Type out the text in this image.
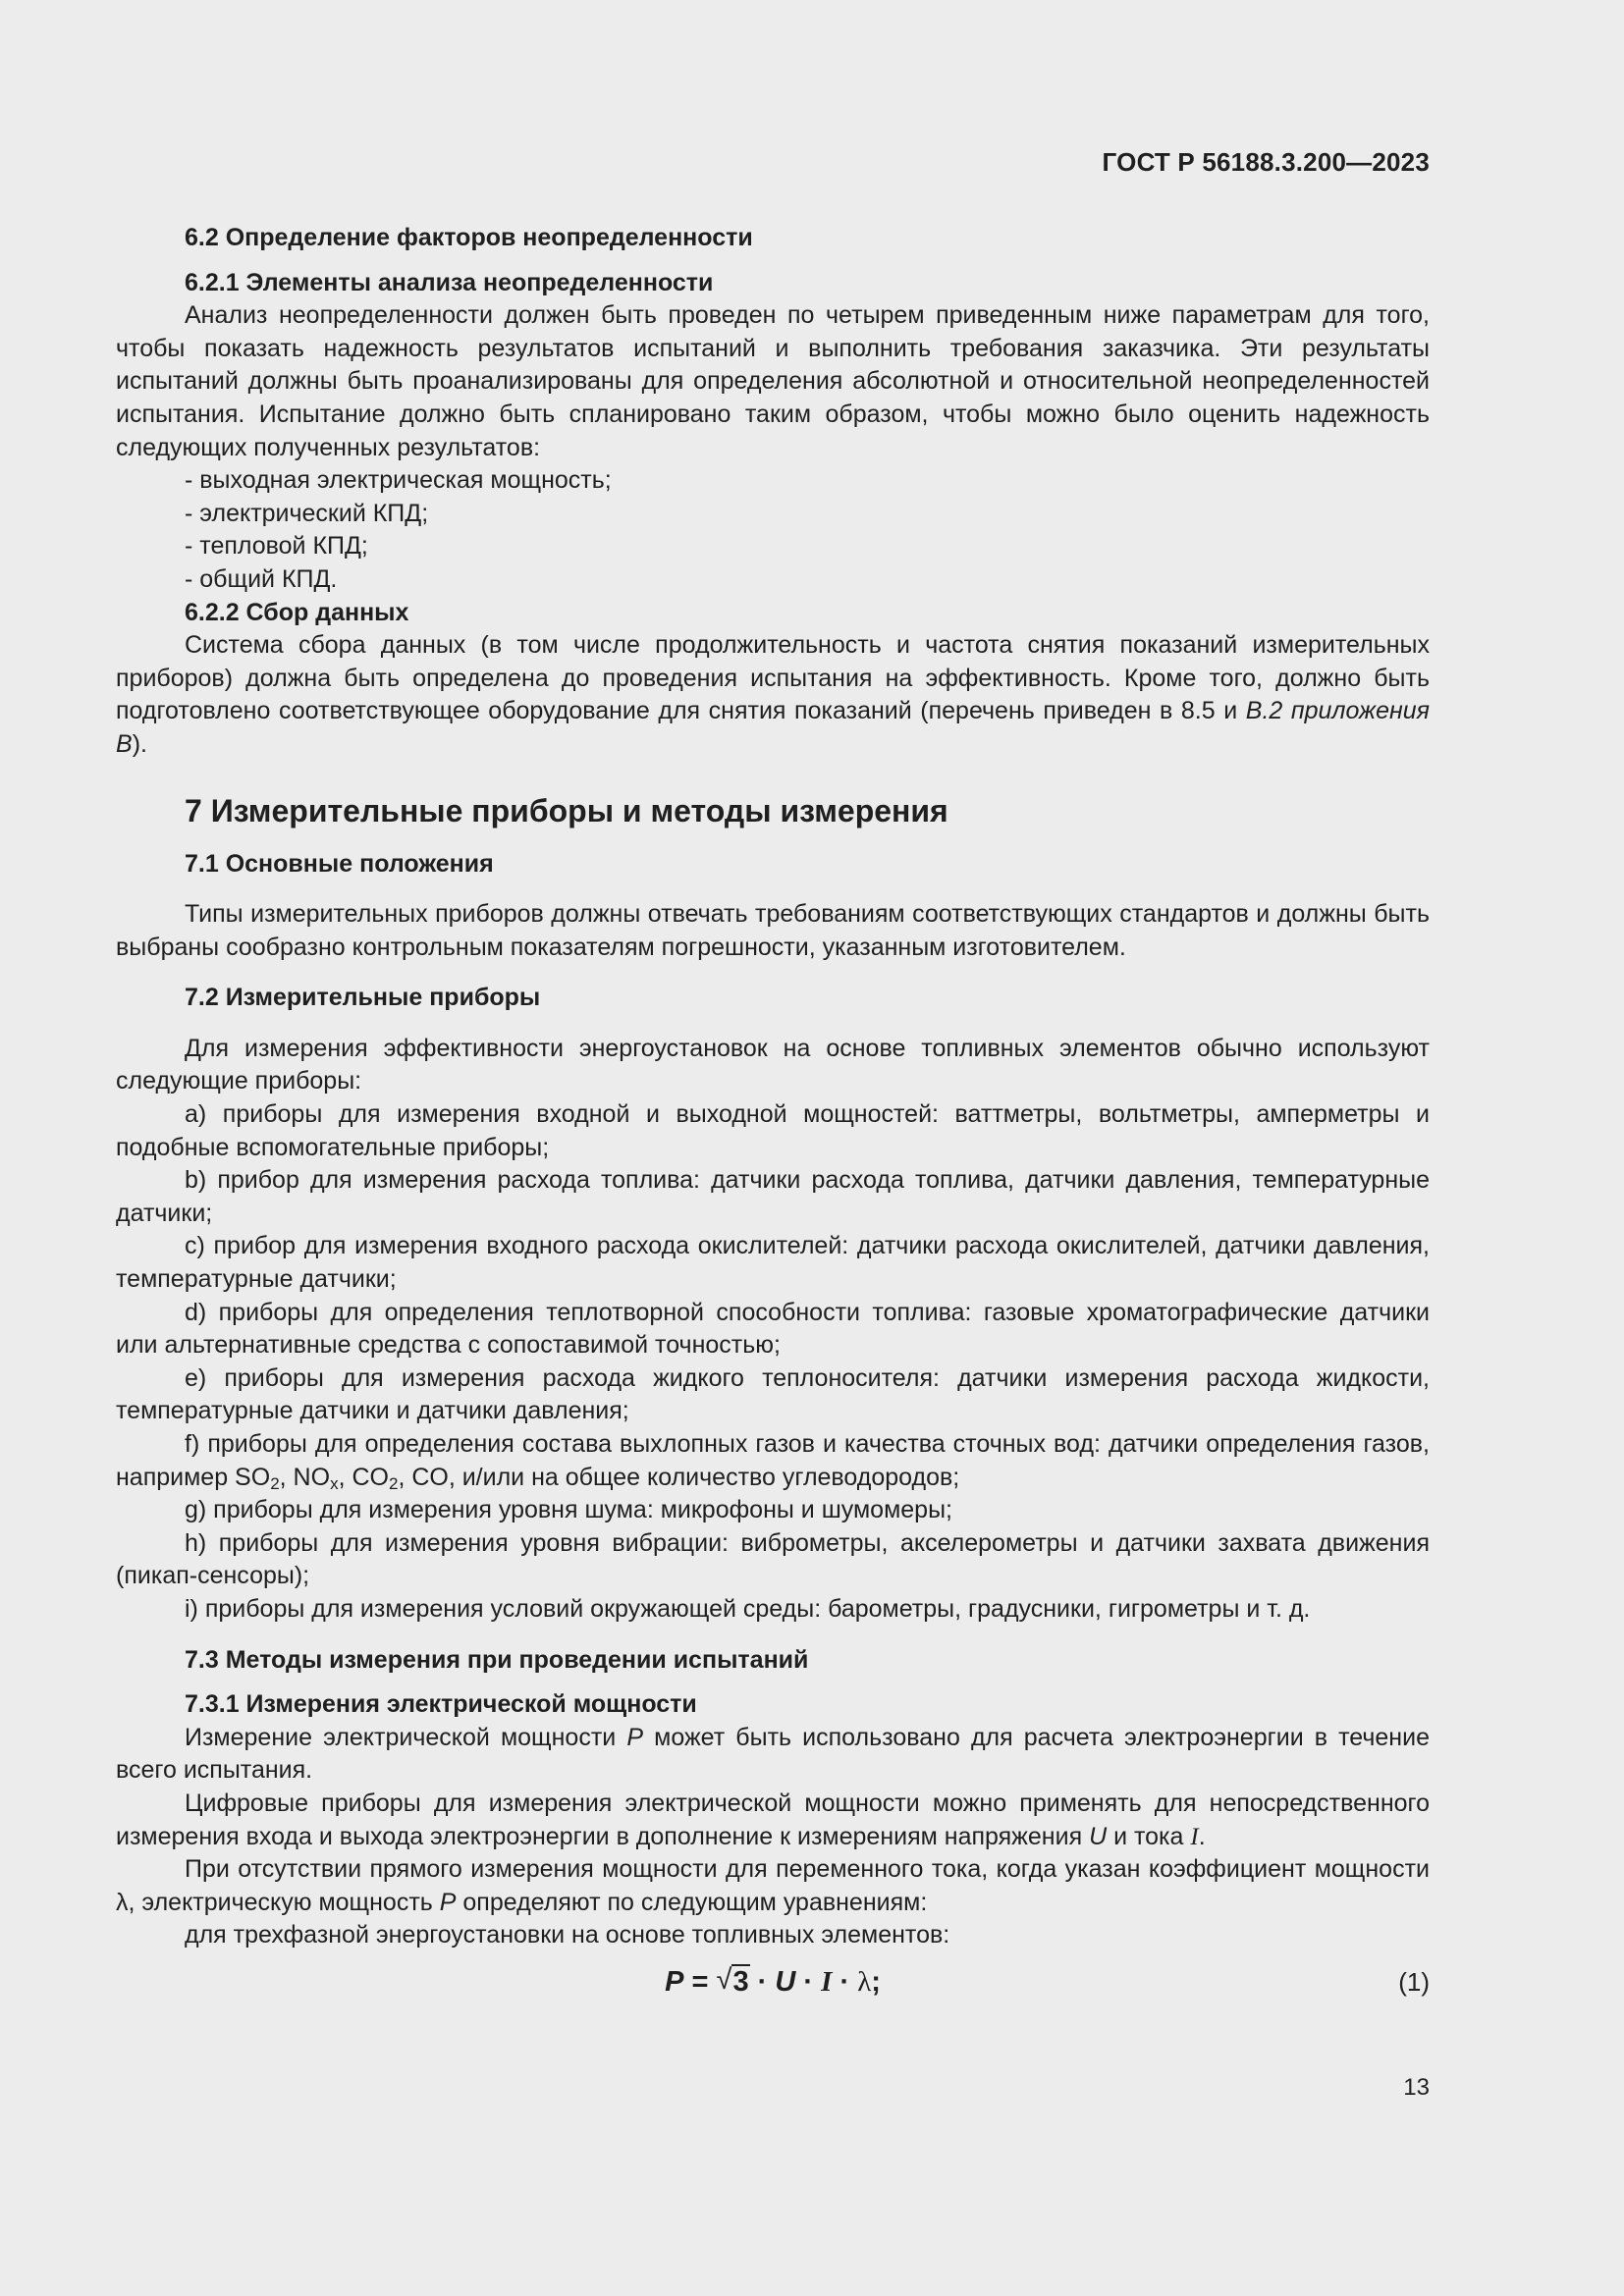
ГОСТ Р 56188.3.200—2023
6.2 Определение факторов неопределенности
6.2.1 Элементы анализа неопределенности
Анализ неопределенности должен быть проведен по четырем приведенным ниже параметрам для того, чтобы показать надежность результатов испытаний и выполнить требования заказчика. Эти результаты испытаний должны быть проанализированы для определения абсолютной и относительной неопределенностей испытания. Испытание должно быть спланировано таким образом, чтобы можно было оценить надежность следующих полученных результатов:
- выходная электрическая мощность;
- электрический КПД;
- тепловой КПД;
- общий КПД.
6.2.2 Сбор данных
Система сбора данных (в том числе продолжительность и частота снятия показаний измерительных приборов) должна быть определена до проведения испытания на эффективность. Кроме того, должно быть подготовлено соответствующее оборудование для снятия показаний (перечень приведен в 8.5 и В.2 приложения В).
7 Измерительные приборы и методы измерения
7.1 Основные положения
Типы измерительных приборов должны отвечать требованиям соответствующих стандартов и должны быть выбраны сообразно контрольным показателям погрешности, указанным изготовителем.
7.2 Измерительные приборы
Для измерения эффективности энергоустановок на основе топливных элементов обычно используют следующие приборы:
a) приборы для измерения входной и выходной мощностей: ваттметры, вольтметры, амперметры и подобные вспомогательные приборы;
b) прибор для измерения расхода топлива: датчики расхода топлива, датчики давления, температурные датчики;
c) прибор для измерения входного расхода окислителей: датчики расхода окислителей, датчики давления, температурные датчики;
d) приборы для определения теплотворной способности топлива: газовые хроматографические датчики или альтернативные средства с сопоставимой точностью;
e) приборы для измерения расхода жидкого теплоносителя: датчики измерения расхода жидкости, температурные датчики и датчики давления;
f) приборы для определения состава выхлопных газов и качества сточных вод: датчики определения газов, например $SO_2$, $NO_x$, $CO_2$, CO, и/или на общее количество углеводородов;
g) приборы для измерения уровня шума: микрофоны и шумомеры;
h) приборы для измерения уровня вибрации: виброметры, акселерометры и датчики захвата движения (пикап-сенсоры);
i) приборы для измерения условий окружающей среды: барометры, градусники, гигрометры и т. д.
7.3 Методы измерения при проведении испытаний
7.3.1 Измерения электрической мощности
Измерение электрической мощности P может быть использовано для расчета электроэнергии в течение всего испытания.
Цифровые приборы для измерения электрической мощности можно применять для непосредственного измерения входа и выхода электроэнергии в дополнение к измерениям напряжения U и тока I.
При отсутствии прямого измерения мощности для переменного тока, когда указан коэффициент мощности λ, электрическую мощность P определяют по следующим уравнениям:
для трехфазной энергоустановки на основе топливных элементов:
P = √ 3 · U · I · λ;	(1)
13
